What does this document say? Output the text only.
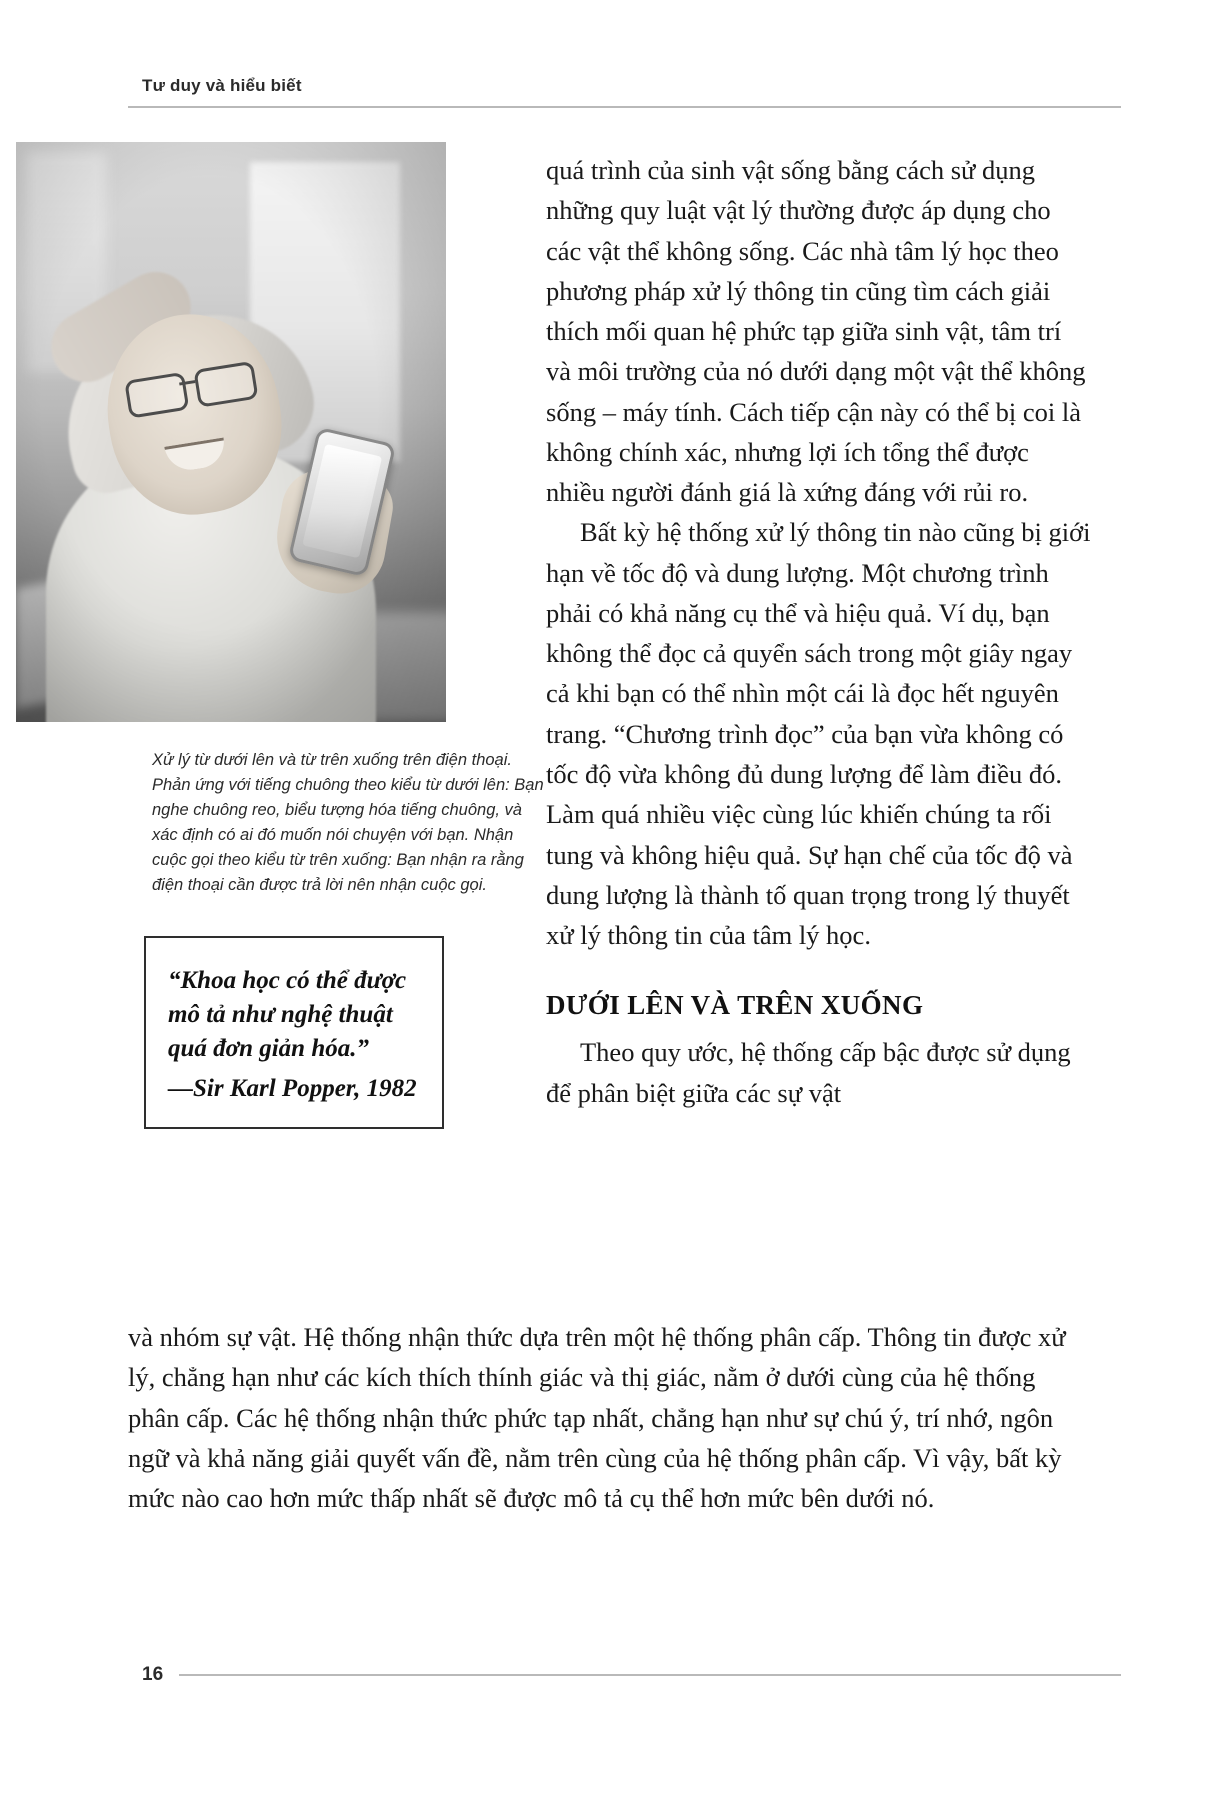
Tư duy và hiểu biết
Xử lý từ dưới lên và từ trên xuống trên điện thoại. Phản ứng với tiếng chuông theo kiểu từ dưới lên: Bạn nghe chuông reo, biểu tượng hóa tiếng chuông, và xác định có ai đó muốn nói chuyện với bạn. Nhận cuộc gọi theo kiểu từ trên xuống: Bạn nhận ra rằng điện thoại cần được trả lời nên nhận cuộc gọi.
“Khoa học có thể được mô tả như nghệ thuật quá đơn giản hóa.”
—Sir Karl Popper, 1982

quá trình của sinh vật sống bằng cách sử dụng những quy luật vật lý thường được áp dụng cho các vật thể không sống. Các nhà tâm lý học theo phương pháp xử lý thông tin cũng tìm cách giải thích mối quan hệ phức tạp giữa sinh vật, tâm trí và môi trường của nó dưới dạng một vật thể không sống – máy tính. Cách tiếp cận này có thể bị coi là không chính xác, nhưng lợi ích tổng thể được nhiều người đánh giá là xứng đáng với rủi ro.

Bất kỳ hệ thống xử lý thông tin nào cũng bị giới hạn về tốc độ và dung lượng. Một chương trình phải có khả năng cụ thể và hiệu quả. Ví dụ, bạn không thể đọc cả quyển sách trong một giây ngay cả khi bạn có thể nhìn một cái là đọc hết nguyên trang. “Chương trình đọc” của bạn vừa không có tốc độ vừa không đủ dung lượng để làm điều đó. Làm quá nhiều việc cùng lúc khiến chúng ta rối tung và không hiệu quả. Sự hạn chế của tốc độ và dung lượng là thành tố quan trọng trong lý thuyết xử lý thông tin của tâm lý học.

DƯỚI LÊN VÀ TRÊN XUỐNG

Theo quy ước, hệ thống cấp bậc được sử dụng để phân biệt giữa các sự vật

và nhóm sự vật. Hệ thống nhận thức dựa trên một hệ thống phân cấp. Thông tin được xử lý, chẳng hạn như các kích thích thính giác và thị giác, nằm ở dưới cùng của hệ thống phân cấp. Các hệ thống nhận thức phức tạp nhất, chẳng hạn như sự chú ý, trí nhớ, ngôn ngữ và khả năng giải quyết vấn đề, nằm trên cùng của hệ thống phân cấp. Vì vậy, bất kỳ mức nào cao hơn mức thấp nhất sẽ được mô tả cụ thể hơn mức bên dưới nó.

16
